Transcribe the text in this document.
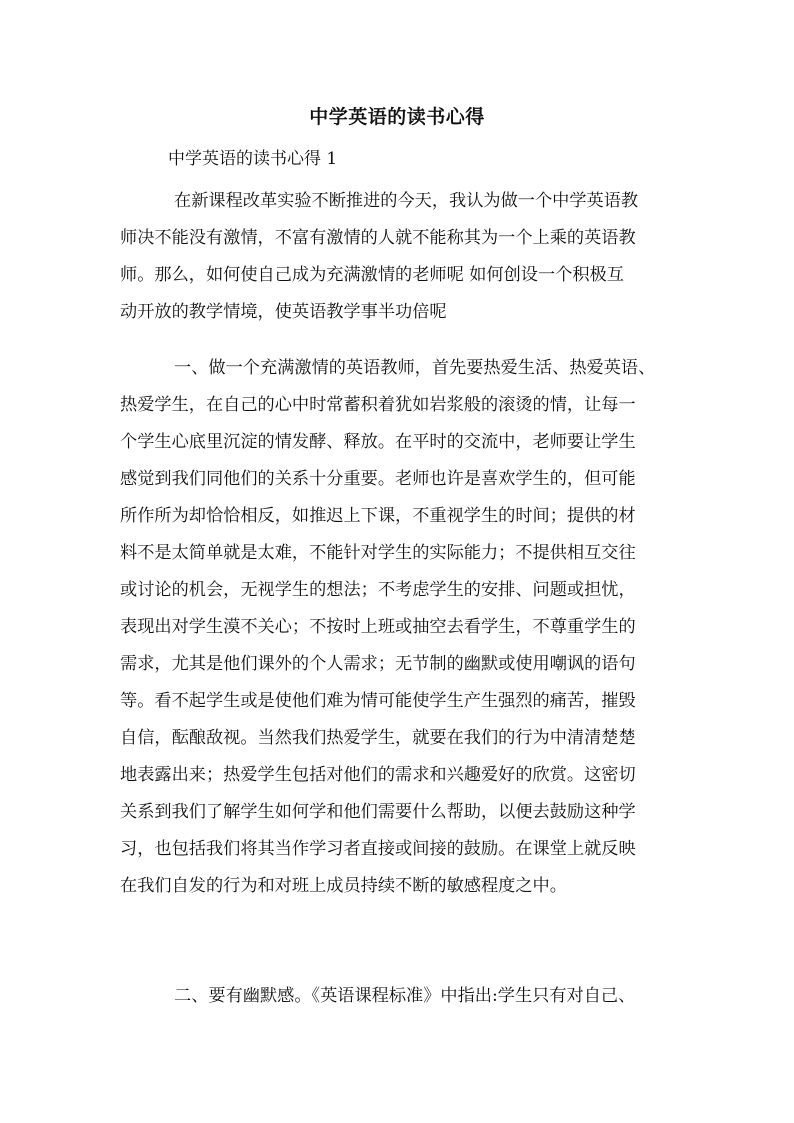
中学英语的读书心得
中学英语的读书心得 1
在新课程改革实验不断推进的今天，我认为做一个中学英语教
师决不能没有激情，不富有激情的人就不能称其为一个上乘的英语教
师。那么，如何使自己成为充满激情的老师呢 如何创设一个积极互
动开放的教学情境，使英语教学事半功倍呢
一、做一个充满激情的英语教师，首先要热爱生活、热爱英语、
热爱学生，在自己的心中时常蓄积着犹如岩浆般的滚烫的情，让每一
个学生心底里沉淀的情发酵、释放。在平时的交流中，老师要让学生
感觉到我们同他们的关系十分重要。老师也许是喜欢学生的，但可能
所作所为却恰恰相反，如推迟上下课，不重视学生的时间；提供的材
料不是太简单就是太难，不能针对学生的实际能力；不提供相互交往
或讨论的机会，无视学生的想法；不考虑学生的安排、问题或担忧，
表现出对学生漠不关心；不按时上班或抽空去看学生，不尊重学生的
需求，尤其是他们课外的个人需求；无节制的幽默或使用嘲讽的语句
等。看不起学生或是使他们难为情可能使学生产生强烈的痛苦，摧毁
自信，酝酿敌视。当然我们热爱学生，就要在我们的行为中清清楚楚
地表露出来；热爱学生包括对他们的需求和兴趣爱好的欣赏。这密切
关系到我们了解学生如何学和他们需要什么帮助，以便去鼓励这种学
习，也包括我们将其当作学习者直接或间接的鼓励。在课堂上就反映
在我们自发的行为和对班上成员持续不断的敏感程度之中。
二、要有幽默感。《英语课程标准》中指出:学生只有对自己、
